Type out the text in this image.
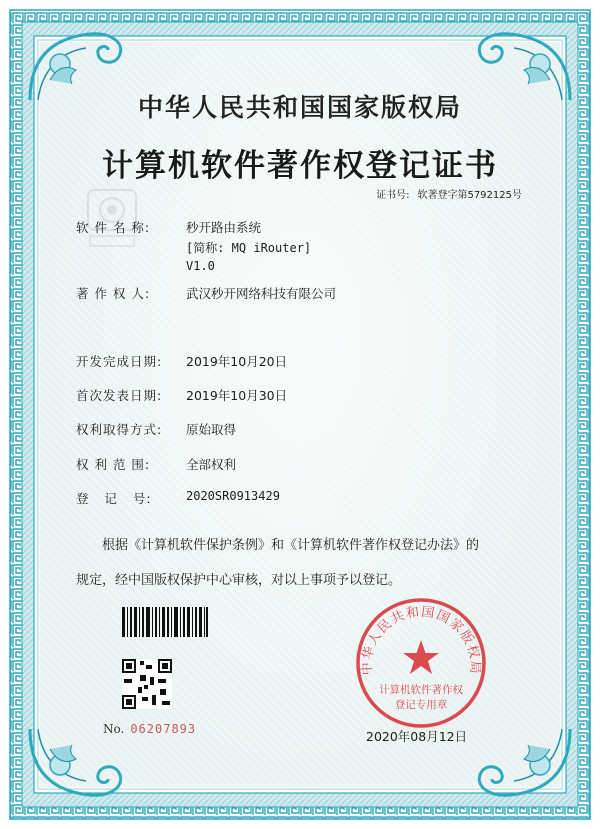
中华人民共和国国家版权局
计算机软件著作权登记证书
证书号: 软著登字第5792125号
软 件 名 称:	秒开路由系统
[简称: MQ iRouter]
V1.0
著 作 权 人:	武汉秒开网络科技有限公司
开发完成日期: 2019年10月20日
首次发表日期: 2019年10月30日
权利取得方式: 原始取得
权 利 范 围:	全部权利
登   记   号:	2020SR0913429
根据《计算机软件保护条例》和《计算机软件著作权登记办法》的
规定，经中国版权保护中心审核，对以上事项予以登记。
No. 06207893
中华人民共和国国家版权局
计算机软件著作权
登记专用章
2020年08月12日
